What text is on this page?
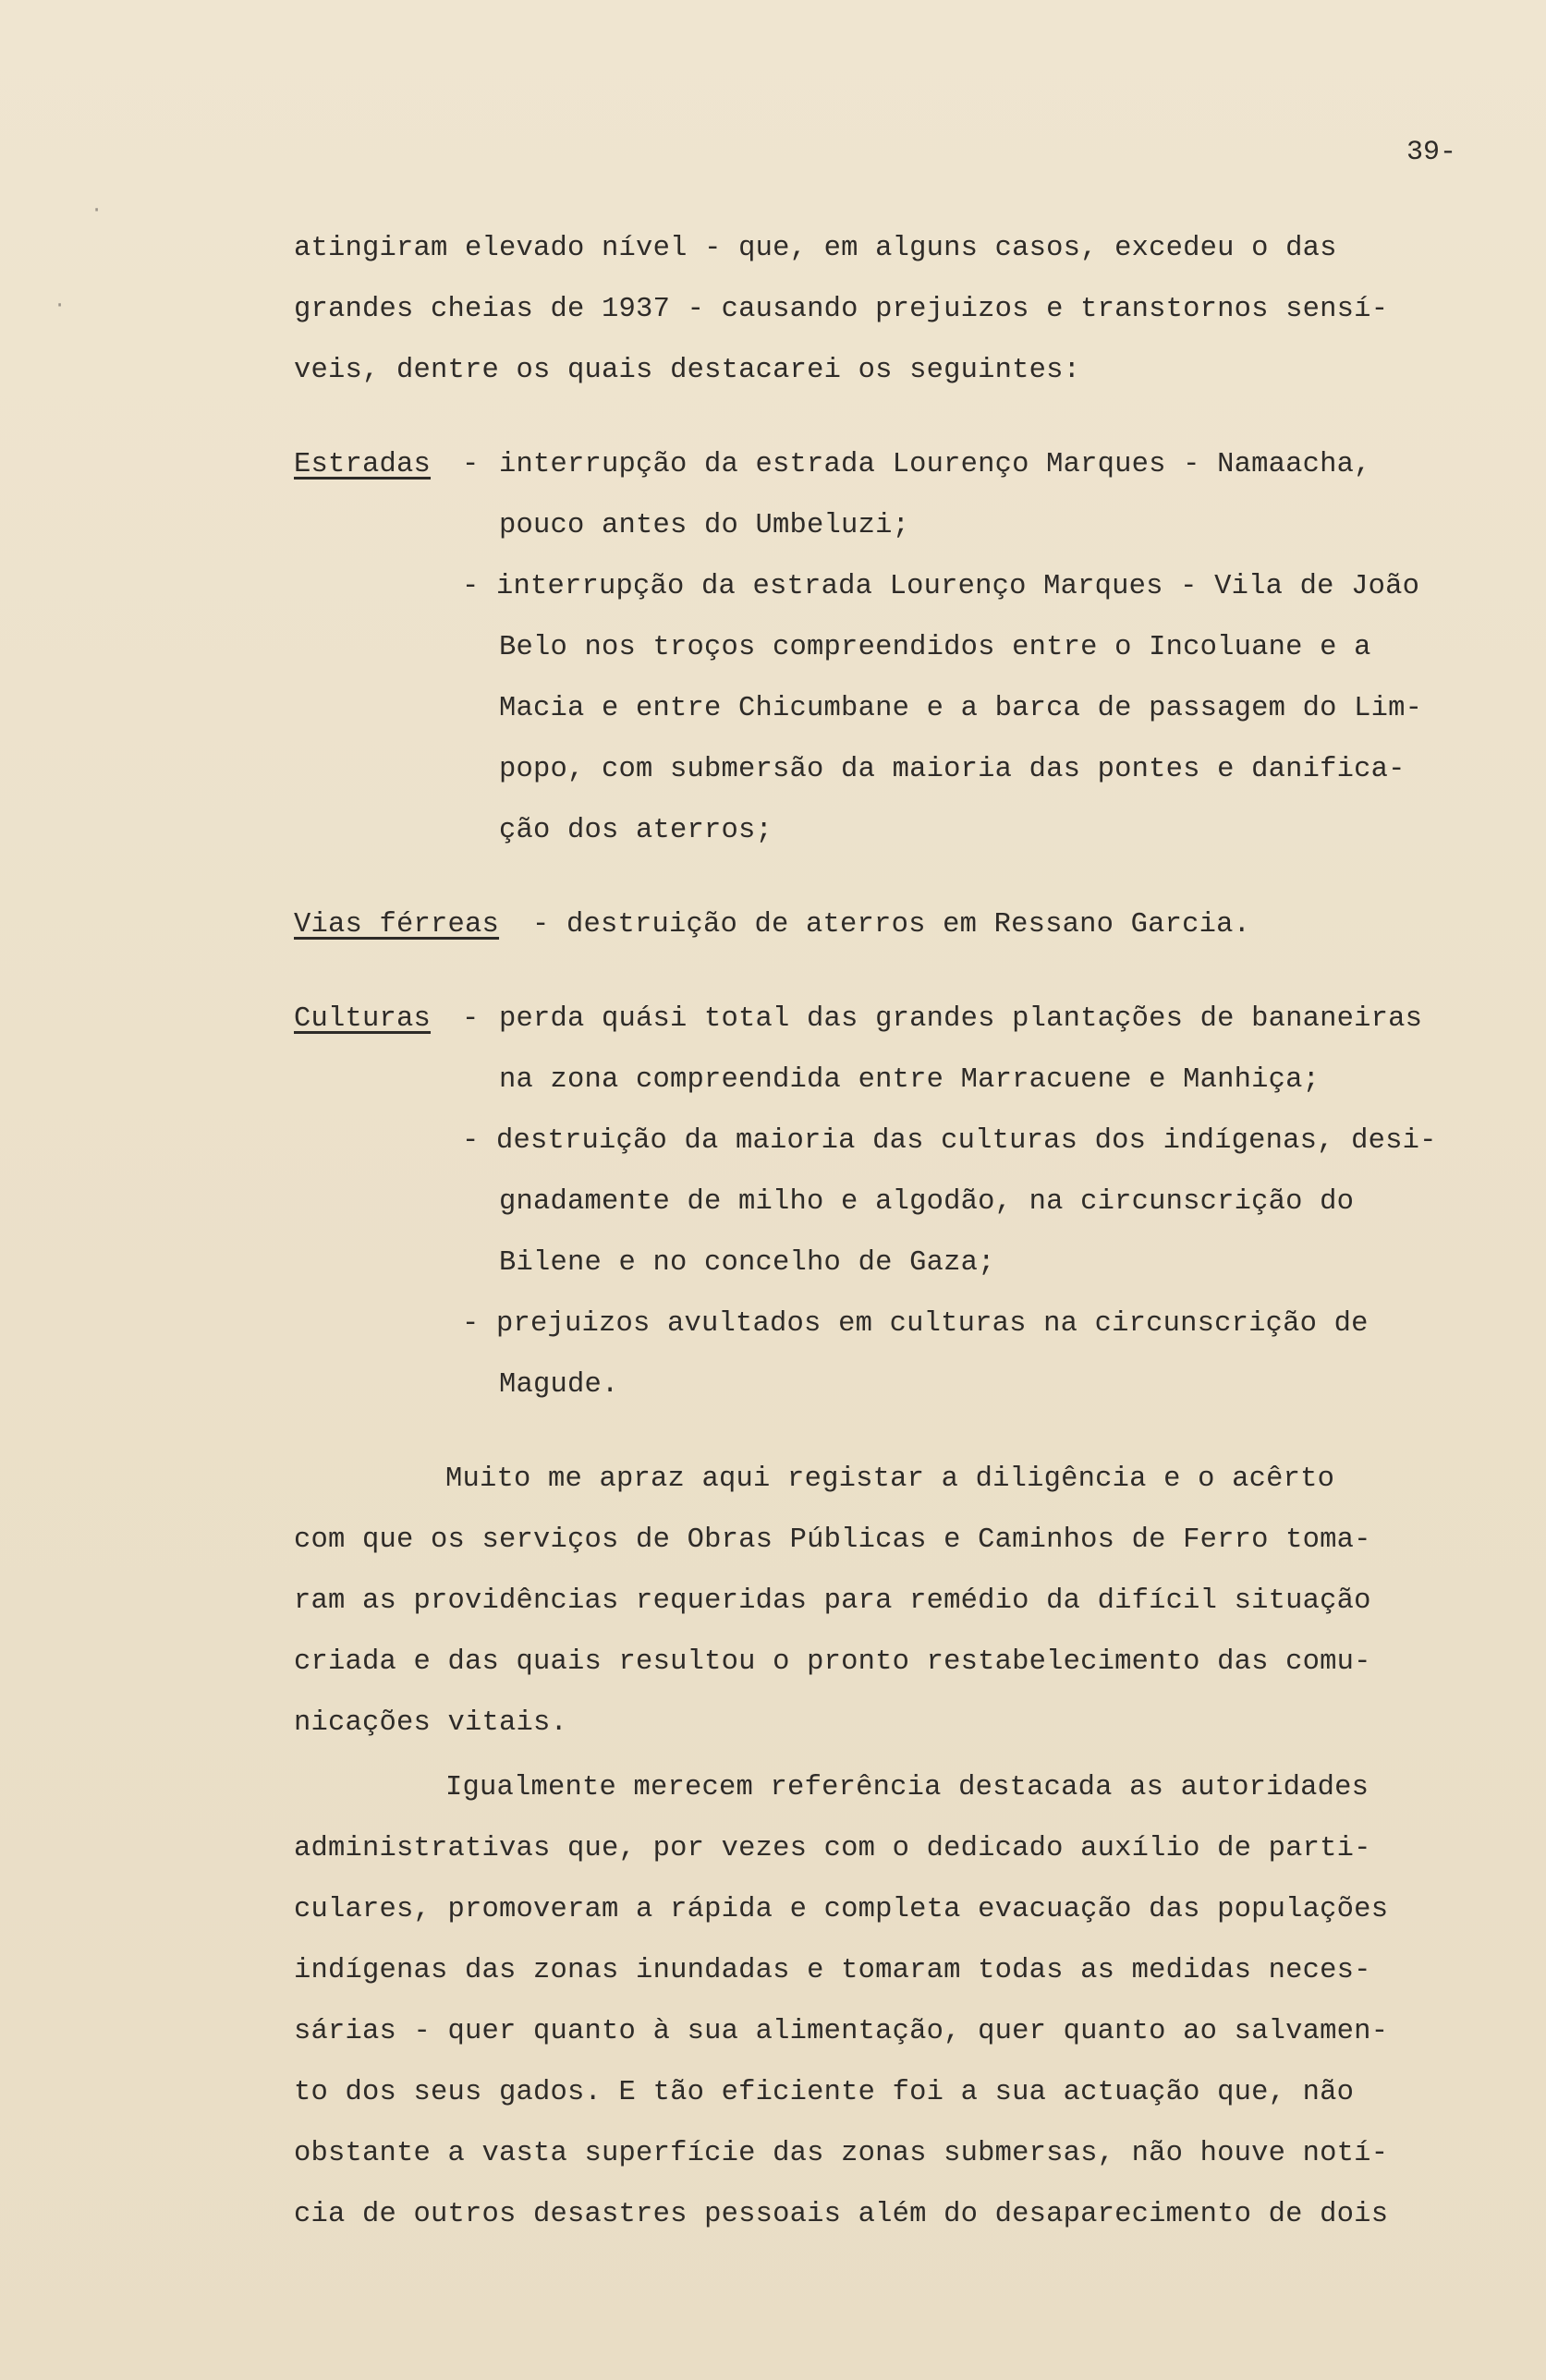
·
·
39-
atingiram elevado nível - que, em alguns casos, excedeu o das
grandes cheias de 1937 - causando prejuizos e transtornos sensí-
veis, dentre os quais destacarei os seguintes:
Estradas - interrupção da estrada Lourenço Marques - Namaacha,
pouco antes do Umbeluzi;
- interrupção da estrada Lourenço Marques - Vila de João
Belo nos troços compreendidos entre o Incoluane e a
Macia e entre Chicumbane e a barca de passagem do Lim-
popo, com submersão da maioria das pontes e danifica-
ção dos aterros;
Vias férreas - destruição de aterros em Ressano Garcia.
Culturas - perda quási total das grandes plantações de bananeiras
na zona compreendida entre Marracuene e Manhiça;
- destruição da maioria das culturas dos indígenas, desi-
gnadamente de milho e algodão, na circunscrição do
Bilene e no concelho de Gaza;
- prejuizos avultados em culturas na circunscrição de
Magude.
Muito me apraz aqui registar a diligência e o acêrto
com que os serviços de Obras Públicas e Caminhos de Ferro toma-
ram as providências requeridas para remédio da difícil situação
criada e das quais resultou o pronto restabelecimento das comu-
nicações vitais.
Igualmente merecem referência destacada as autoridades
administrativas que, por vezes com o dedicado auxílio de parti-
culares, promoveram a rápida e completa evacuação das populações
indígenas das zonas inundadas e tomaram todas as medidas neces-
sárias - quer quanto à sua alimentação, quer quanto ao salvamen-
to dos seus gados. E tão eficiente foi a sua actuação que, não
obstante a vasta superfície das zonas submersas, não houve notí-
cia de outros desastres pessoais além do desaparecimento de dois
